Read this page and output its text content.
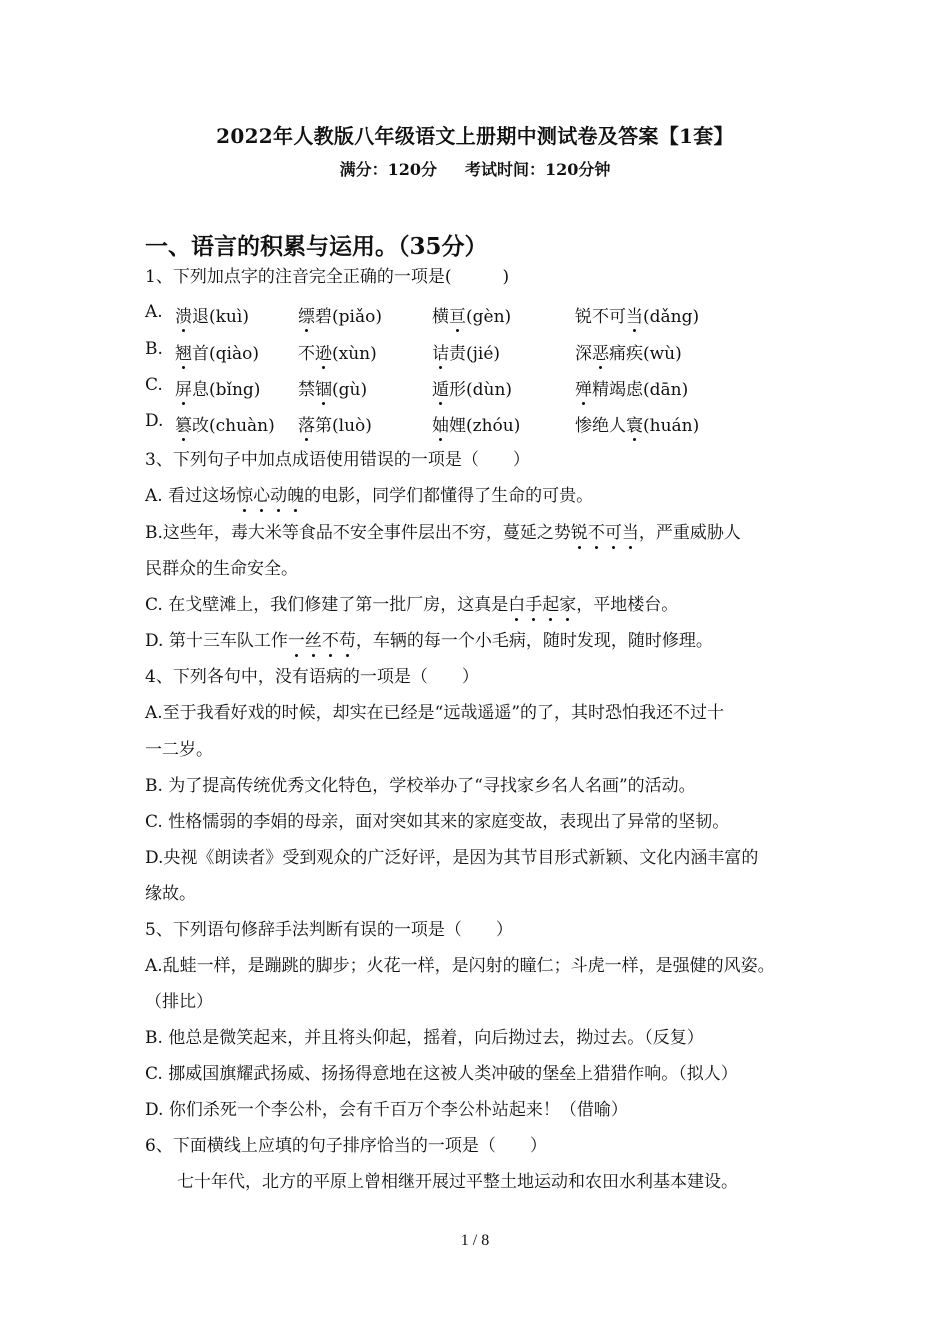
2022年人教版八年级语文上册期中测试卷及答案【1套】
满分：120分 考试时间：120分钟
一、语言的积累与运用。（35分）
1、下列加点字的注音完全正确的一项是(　　　)
A. 溃退(kuì)	缥碧(piǎo)	横亘(gèn)	锐不可当(dǎng)
B. 翘首(qiào) 不逊(xùn)	诘责(jié)	深恶痛疾(wù)
C. 屏息(bǐng) 禁锢(gù)	遁形(dùn)	殚精竭虑(dān)
D. 篡改(chuàn) 落第(luò)	妯娌(zhóu)	惨绝人寰(huán)
3、下列句子中加点成语使用错误的一项是（　　）
A. 看过这场惊心动魄的电影，同学们都懂得了生命的可贵。
B.这些年，毒大米等食品不安全事件层出不穷，蔓延之势锐不可当，严重威胁人
民群众的生命安全。
C. 在戈壁滩上，我们修建了第一批厂房，这真是白手起家，平地楼台。
D. 第十三车队工作一丝不苟，车辆的每一个小毛病，随时发现，随时修理。
4、下列各句中，没有语病的一项是（　　）
A.至于我看好戏的时候，却实在已经是“远哉遥遥”的了，其时恐怕我还不过十
一二岁。
B. 为了提高传统优秀文化特色，学校举办了“寻找家乡名人名画”的活动。
C. 性格懦弱的李娟的母亲，面对突如其来的家庭变故，表现出了异常的坚韧。
D.央视《朗读者》受到观众的广泛好评，是因为其节目形式新颖、文化内涵丰富的
缘故。
5、下列语句修辞手法判断有误的一项是（　　）
A.乱蛙一样，是蹦跳的脚步；火花一样，是闪射的瞳仁；斗虎一样，是强健的风姿。
（排比）
B. 他总是微笑起来，并且将头仰起，摇着，向后拗过去，拗过去。（反复）
C. 挪威国旗耀武扬威、扬扬得意地在这被人类冲破的堡垒上猎猎作响。（拟人）
D. 你们杀死一个李公朴，会有千百万个李公朴站起来！（借喻）
6、下面横线上应填的句子排序恰当的一项是（　　）
七十年代，北方的平原上曾相继开展过平整土地运动和农田水利基本建设。
1 / 8
